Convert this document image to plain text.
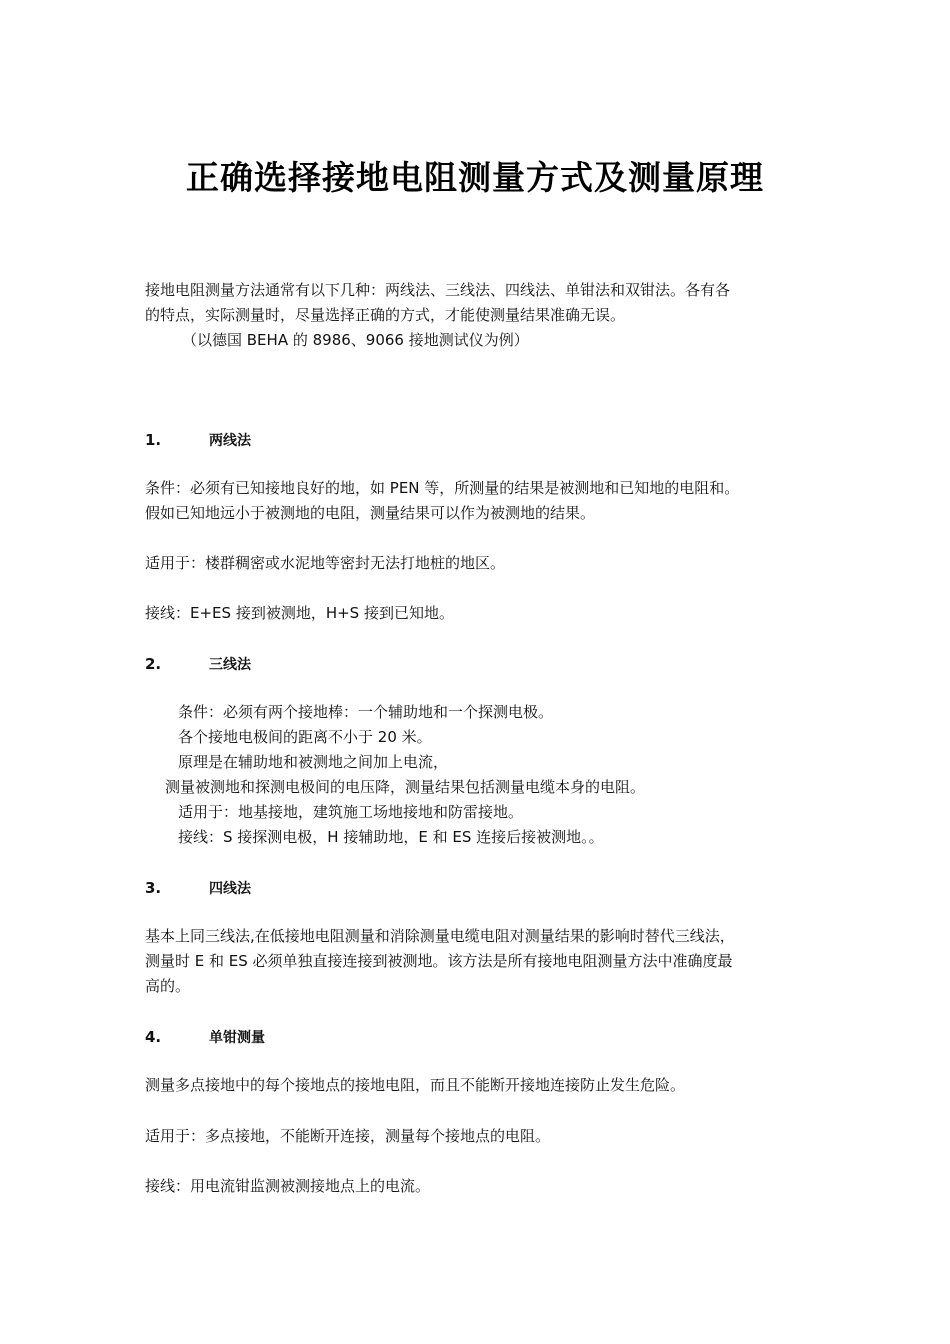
正确选择接地电阻测量方式及测量原理
接地电阻测量方法通常有以下几种：两线法、三线法、四线法、单钳法和双钳法。各有各
的特点，实际测量时，尽量选择正确的方式，才能使测量结果准确无误。
（以德国 BEHA 的 8986、9066 接地测试仪为例）
1.	两线法
条件：必须有已知接地良好的地，如 PEN 等，所测量的结果是被测地和已知地的电阻和。
假如已知地远小于被测地的电阻，测量结果可以作为被测地的结果。
适用于：楼群稠密或水泥地等密封无法打地桩的地区。
接线：E+ES 接到被测地，H+S 接到已知地。
2.	三线法
条件：必须有两个接地棒：一个辅助地和一个探测电极。
各个接地电极间的距离不小于 20 米。
原理是在辅助地和被测地之间加上电流，
测量被测地和探测电极间的电压降，测量结果包括测量电缆本身的电阻。
适用于：地基接地，建筑施工场地接地和防雷接地。
接线：S 接探测电极，H 接辅助地，E 和 ES 连接后接被测地。。
3.	四线法
基本上同三线法,在低接地电阻测量和消除测量电缆电阻对测量结果的影响时替代三线法，
测量时 E 和 ES 必须单独直接连接到被测地。该方法是所有接地电阻测量方法中准确度最
高的。
4.	单钳测量
测量多点接地中的每个接地点的接地电阻，而且不能断开接地连接防止发生危险。
适用于：多点接地，不能断开连接，测量每个接地点的电阻。
接线：用电流钳监测被测接地点上的电流。
